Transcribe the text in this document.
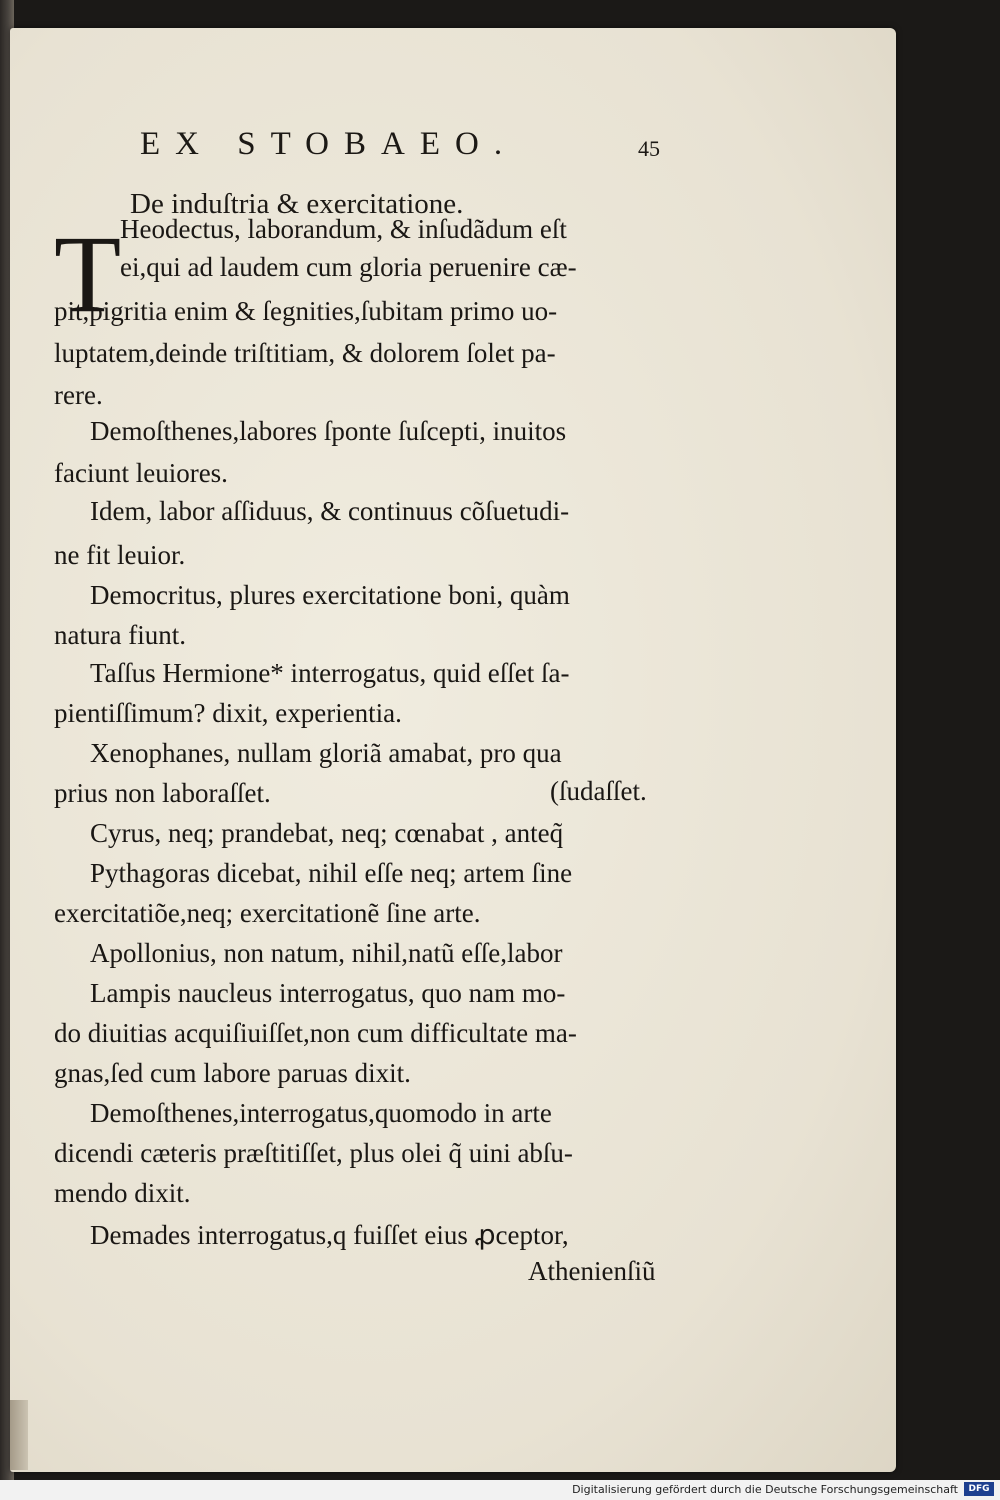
EX STOBAEO.	45
De induſtria & exercitatione.
T
Heodectus, laborandum, & inſudãdum eſt
ei,qui ad laudem cum gloria peruenire cæ-
pit,pigritia enim & ſegnities,ſubitam primo uo-
luptatem,deinde triſtitiam, & dolorem ſolet pa-
rere.
Demoſthenes,labores ſponte ſuſcepti, inuitos
faciunt leuiores.
Idem, labor aſſiduus, & continuus cõſuetudi-
ne fit leuior.
Democritus, plures exercitatione boni, quàm
natura fiunt.
Taſſus Hermione* interrogatus, quid eſſet ſa-
pientiſſimum? dixit, experientia.
Xenophanes, nullam gloriã amabat, pro qua
prius non laboraſſet.	(ſudaſſet.
Cyrus, neq; prandebat, neq; cœnabat , anteq̃
Pythagoras dicebat, nihil eſſe neq; artem ſine
exercitatiõe,neq; exercitationẽ ſine arte.
Apollonius, non natum, nihil,natũ eſſe,labor
Lampis naucleus interrogatus, quo nam mo-
do diuitias acquiſiuiſſet,non cum difficultate ma-
gnas,ſed cum labore paruas dixit.
Demoſthenes,interrogatus,quomodo in arte
dicendi cæteris præſtitiſſet, plus olei q̃ uini abſu-
mendo dixit.
Demades interrogatus,q fuiſſet eius ꝓceptor,
Athenienſiũ
Digitalisierung gefördert durch die Deutsche Forschungsgemeinschaft	DFG
